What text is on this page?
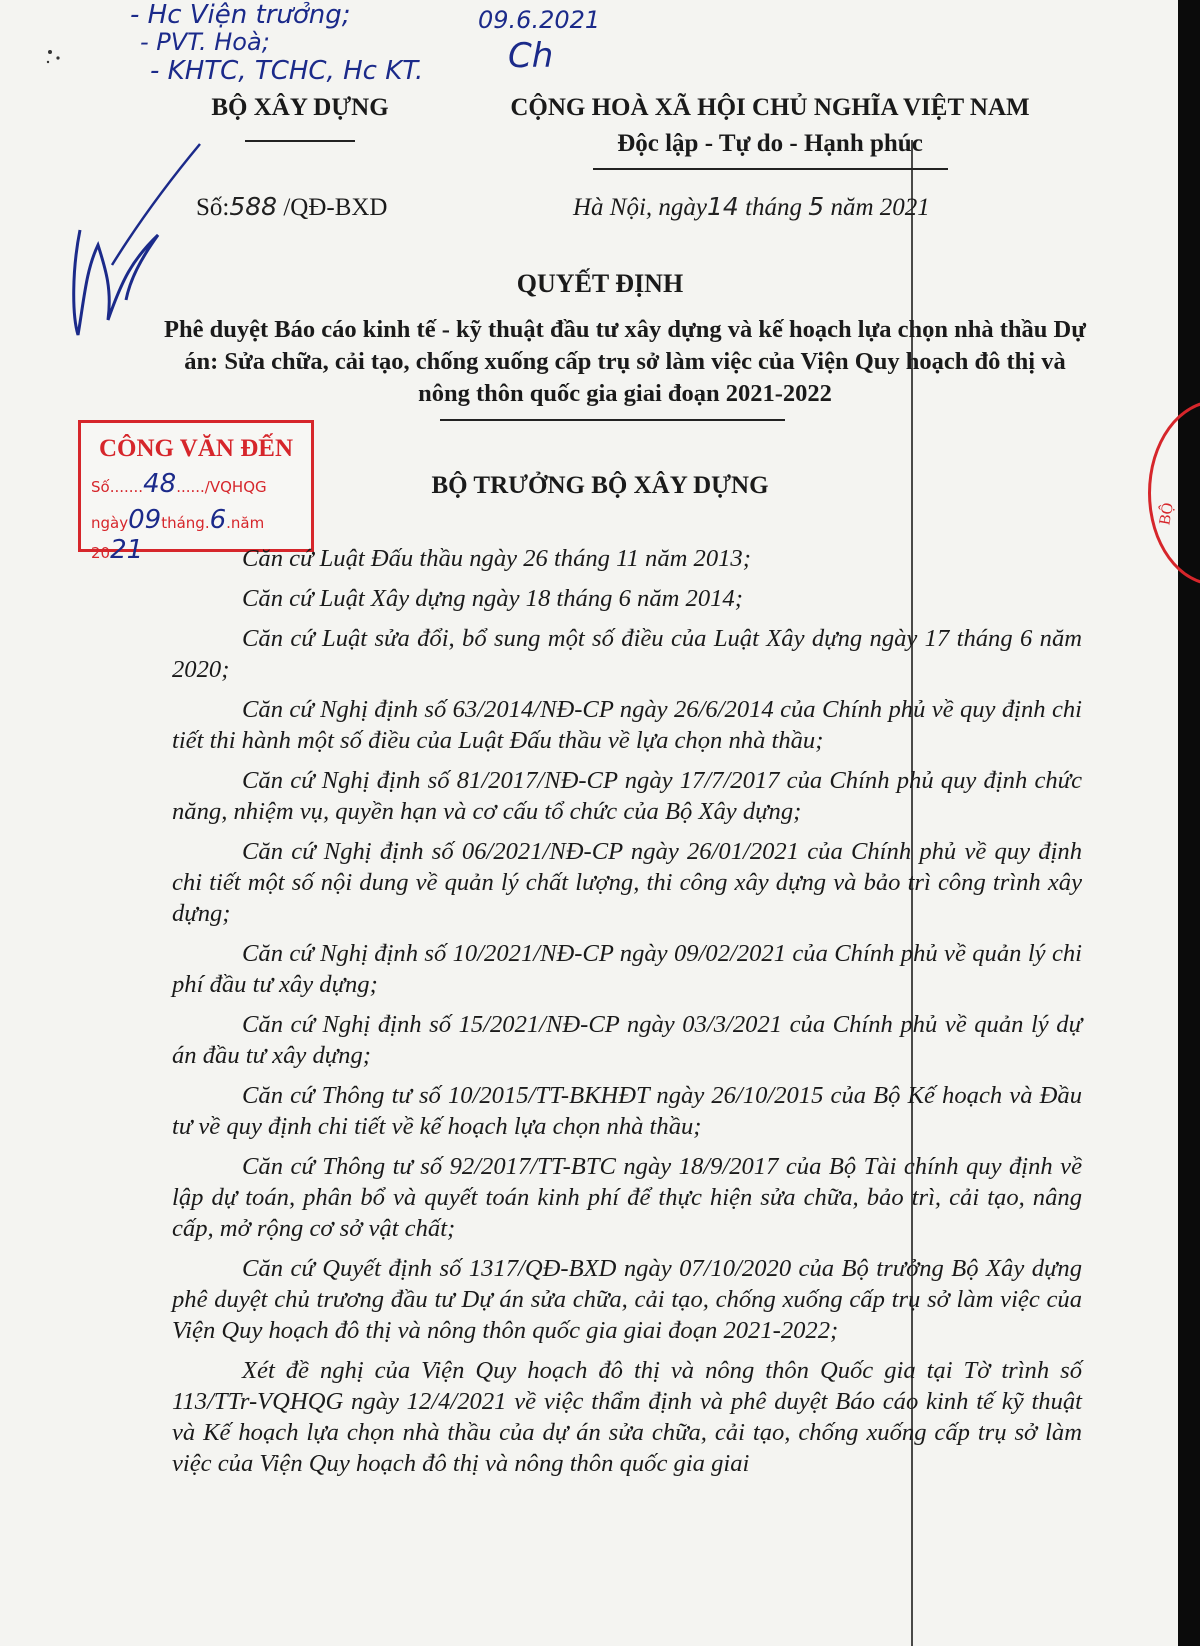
- Hc Viện trưởng;
- PVT. Hoà;
- KHTC, TCHC, Hc KT.
09.6.2021
Ch
BỘ XÂY DỰNG	CỘNG HOÀ XÃ HỘI CHỦ NGHĨA VIỆT NAM
Độc lập - Tự do - Hạnh phúc
Số:588 /QĐ-BXD	Hà Nội, ngày14 tháng 5 năm 2021
QUYẾT ĐỊNH
Phê duyệt Báo cáo kinh tế - kỹ thuật đầu tư xây dựng và kế hoạch lựa chọn nhà thầu Dự án: Sửa chữa, cải tạo, chống xuống cấp trụ sở làm việc của Viện Quy hoạch đô thị và nông thôn quốc gia giai đoạn 2021-2022
CÔNG VĂN ĐẾN
Số.......48....../VQHQG
ngày09tháng.6.năm 2021
BỘ
BỘ TRƯỞNG BỘ XÂY DỰNG

Căn cứ Luật Đấu thầu ngày 26 tháng 11 năm 2013;

Căn cứ Luật Xây dựng ngày 18 tháng 6 năm 2014;

Căn cứ Luật sửa đổi, bổ sung một số điều của Luật Xây dựng ngày 17 tháng 6 năm 2020;

Căn cứ Nghị định số 63/2014/NĐ-CP ngày 26/6/2014 của Chính phủ về quy định chi tiết thi hành một số điều của Luật Đấu thầu về lựa chọn nhà thầu;

Căn cứ Nghị định số 81/2017/NĐ-CP ngày 17/7/2017 của Chính phủ quy định chức năng, nhiệm vụ, quyền hạn và cơ cấu tổ chức của Bộ Xây dựng;

Căn cứ Nghị định số 06/2021/NĐ-CP ngày 26/01/2021 của Chính phủ về quy định chi tiết một số nội dung về quản lý chất lượng, thi công xây dựng và bảo trì công trình xây dựng;

Căn cứ Nghị định số 10/2021/NĐ-CP ngày 09/02/2021 của Chính phủ về quản lý chi phí đầu tư xây dựng;

Căn cứ Nghị định số 15/2021/NĐ-CP ngày 03/3/2021 của Chính phủ về quản lý dự án đầu tư xây dựng;

Căn cứ Thông tư số 10/2015/TT-BKHĐT ngày 26/10/2015 của Bộ Kế hoạch và Đầu tư về quy định chi tiết về kế hoạch lựa chọn nhà thầu;

Căn cứ Thông tư số 92/2017/TT-BTC ngày 18/9/2017 của Bộ Tài chính quy định về lập dự toán, phân bổ và quyết toán kinh phí để thực hiện sửa chữa, bảo trì, cải tạo, nâng cấp, mở rộng cơ sở vật chất;

Căn cứ Quyết định số 1317/QĐ-BXD ngày 07/10/2020 của Bộ trưởng Bộ Xây dựng phê duyệt chủ trương đầu tư Dự án sửa chữa, cải tạo, chống xuống cấp trụ sở làm việc của Viện Quy hoạch đô thị và nông thôn quốc gia giai đoạn 2021-2022;

Xét đề nghị của Viện Quy hoạch đô thị và nông thôn Quốc gia tại Tờ trình số 113/TTr-VQHQG ngày 12/4/2021 về việc thẩm định và phê duyệt Báo cáo kinh tế kỹ thuật và Kế hoạch lựa chọn nhà thầu của dự án sửa chữa, cải tạo, chống xuống cấp trụ sở làm việc của Viện Quy hoạch đô thị và nông thôn quốc gia giai
